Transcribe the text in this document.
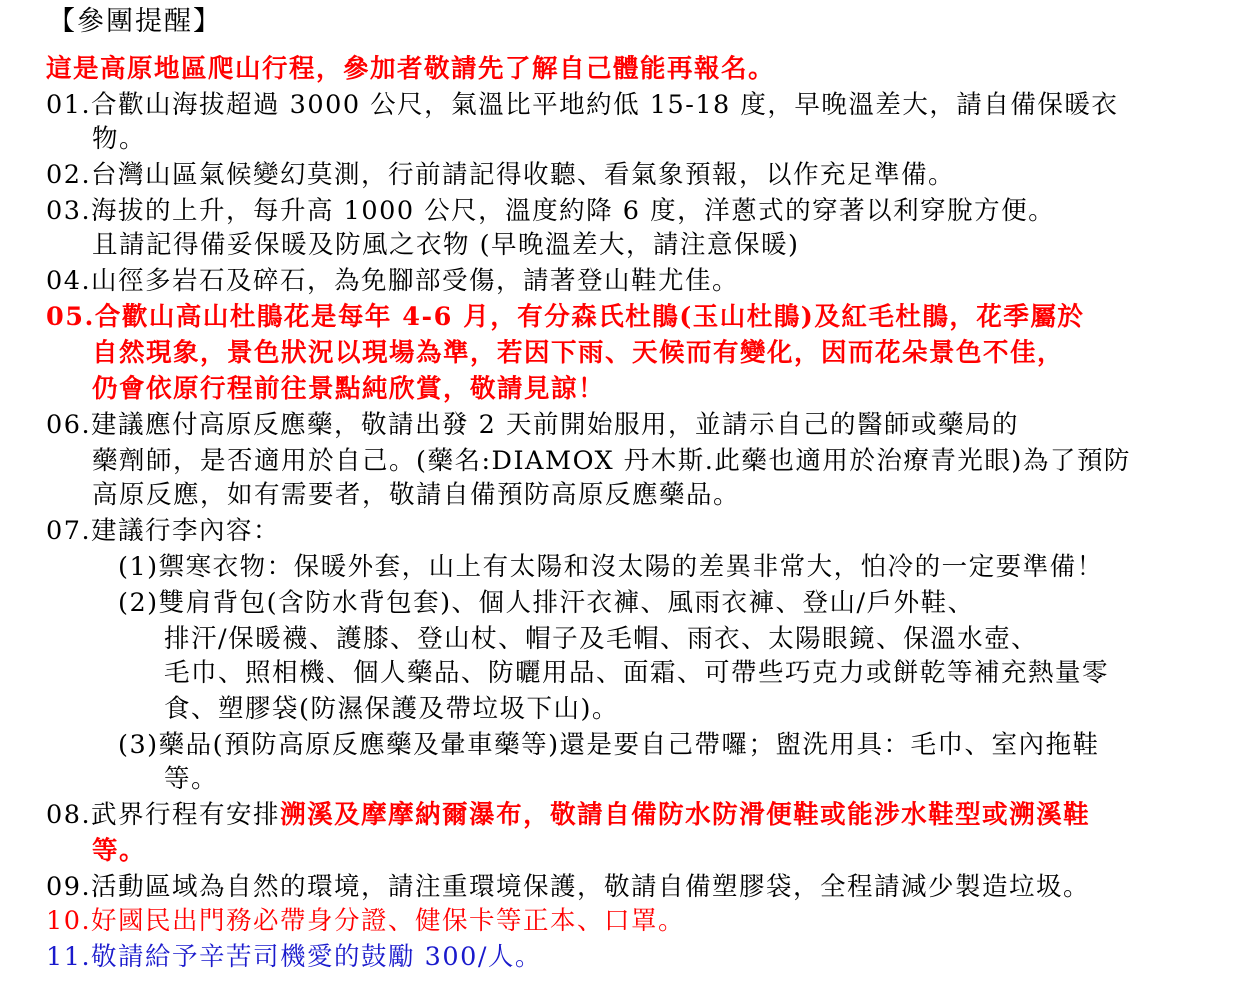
【參團提醒】
這是高原地區爬山行程，參加者敬請先了解自己體能再報名。
01.合歡山海拔超過 3000 公尺，氣溫比平地約低 15-18 度，早晚溫差大，請自備保暖衣
物。
02.台灣山區氣候變幻莫測，行前請記得收聽、看氣象預報，以作充足準備。
03.海拔的上升，每升高 1000 公尺，溫度約降 6 度，洋蔥式的穿著以利穿脫方便。
且請記得備妥保暖及防風之衣物 (早晚溫差大，請注意保暖)
04.山徑多岩石及碎石，為免腳部受傷，請著登山鞋尤佳。
05.合歡山高山杜鵑花是每年 4-6 月，有分森氏杜鵑(玉山杜鵑)及紅毛杜鵑，花季屬於
自然現象，景色狀況以現場為準，若因下雨、天候而有變化，因而花朵景色不佳，
仍會依原行程前往景點純欣賞，敬請見諒！
06.建議應付高原反應藥，敬請出發 2 天前開始服用，並請示自己的醫師或藥局的
藥劑師，是否適用於自己。(藥名:DIAMOX 丹木斯.此藥也適用於治療青光眼)為了預防
高原反應，如有需要者，敬請自備預防高原反應藥品。
07.建議行李內容：
(1)禦寒衣物：保暖外套，山上有太陽和沒太陽的差異非常大，怕冷的一定要準備！
(2)雙肩背包(含防水背包套)、個人排汗衣褲、風雨衣褲、登山/戶外鞋、
排汗/保暖襪、護膝、登山杖、帽子及毛帽、雨衣、太陽眼鏡、保溫水壺、
毛巾、照相機、個人藥品、防曬用品、面霜、可帶些巧克力或餅乾等補充熱量零
食、塑膠袋(防濕保護及帶垃圾下山)。
(3)藥品(預防高原反應藥及暈車藥等)還是要自己帶囉；盥洗用具：毛巾、室內拖鞋
等。
08.武界行程有安排溯溪及摩摩納爾瀑布，敬請自備防水防滑便鞋或能涉水鞋型或溯溪鞋
等。
09.活動區域為自然的環境，請注重環境保護，敬請自備塑膠袋，全程請減少製造垃圾。
10.好國民出門務必帶身分證、健保卡等正本、口罩。
11.敬請給予辛苦司機愛的鼓勵 300/人。
